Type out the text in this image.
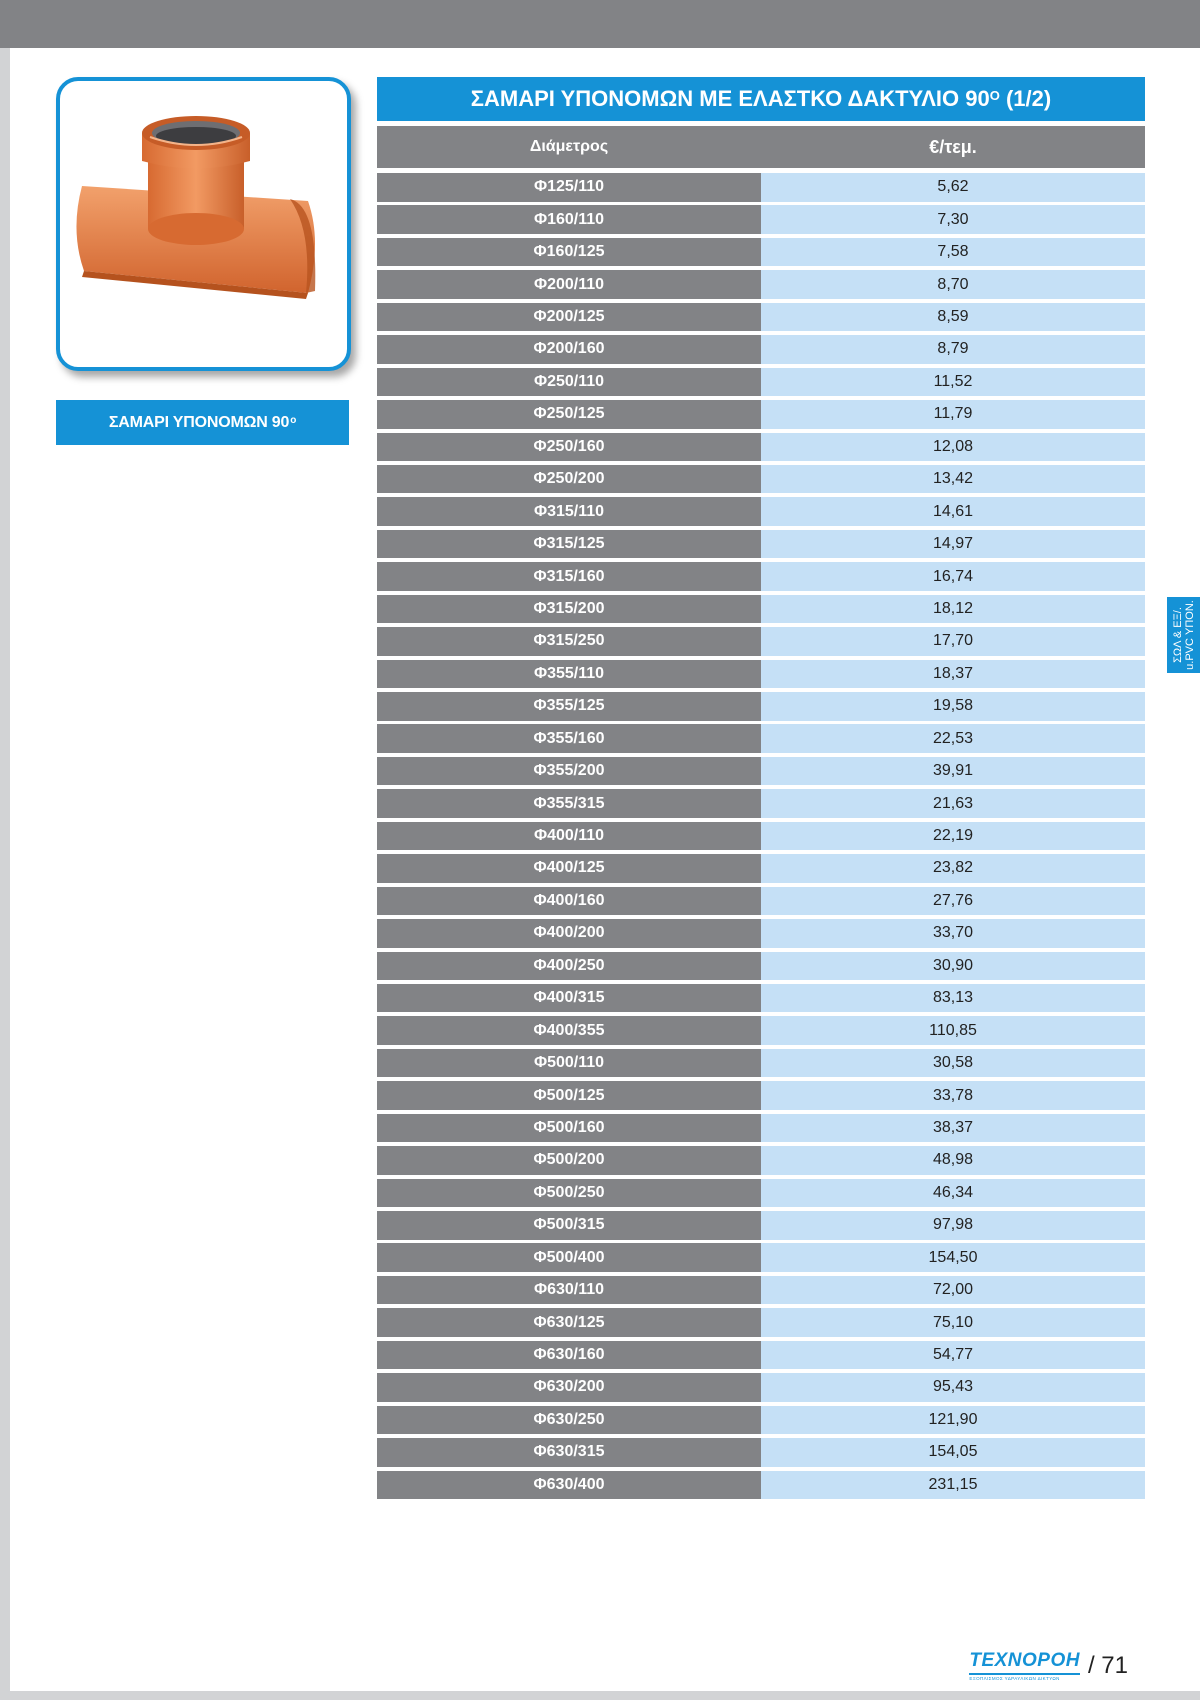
ΣΑΜΑΡΙ ΥΠΟΝΟΜΩΝ $90^o$
ΣΑΜΑΡΙ ΥΠΟΝΟΜΩΝ ΜΕ ΕΛΑΣΤΚΟ ΔΑΚΤΥΛΙΟ $90^O$ (1/2)
Διάμετρος	€/τεμ.
Φ125/110	5,62
Φ160/110	7,30
Φ160/125	7,58
Φ200/110	8,70
Φ200/125	8,59
Φ200/160	8,79
Φ250/110	11,52
Φ250/125	11,79
Φ250/160	12,08
Φ250/200	13,42
Φ315/110	14,61
Φ315/125	14,97
Φ315/160	16,74
Φ315/200	18,12
Φ315/250	17,70
Φ355/110	18,37
Φ355/125	19,58
Φ355/160	22,53
Φ355/200	39,91
Φ355/315	21,63
Φ400/110	22,19
Φ400/125	23,82
Φ400/160	27,76
Φ400/200	33,70
Φ400/250	30,90
Φ400/315	83,13
Φ400/355	110,85
Φ500/110	30,58
Φ500/125	33,78
Φ500/160	38,37
Φ500/200	48,98
Φ500/250	46,34
Φ500/315	97,98
Φ500/400	154,50
Φ630/110	72,00
Φ630/125	75,10
Φ630/160	54,77
Φ630/200	95,43
Φ630/250	121,90
Φ630/315	154,05
Φ630/400	231,15
ΣΩΛ & ΕΞ/. u.PVC ΥΠΟΝ.
ΤΕΧΝΟΡΟΗ
ΕΞΟΠΛΙΣΜΟΣ ΥΔΡΑΥΛΙΚΩΝ ΔΙΚΤΥΩΝ / 71
